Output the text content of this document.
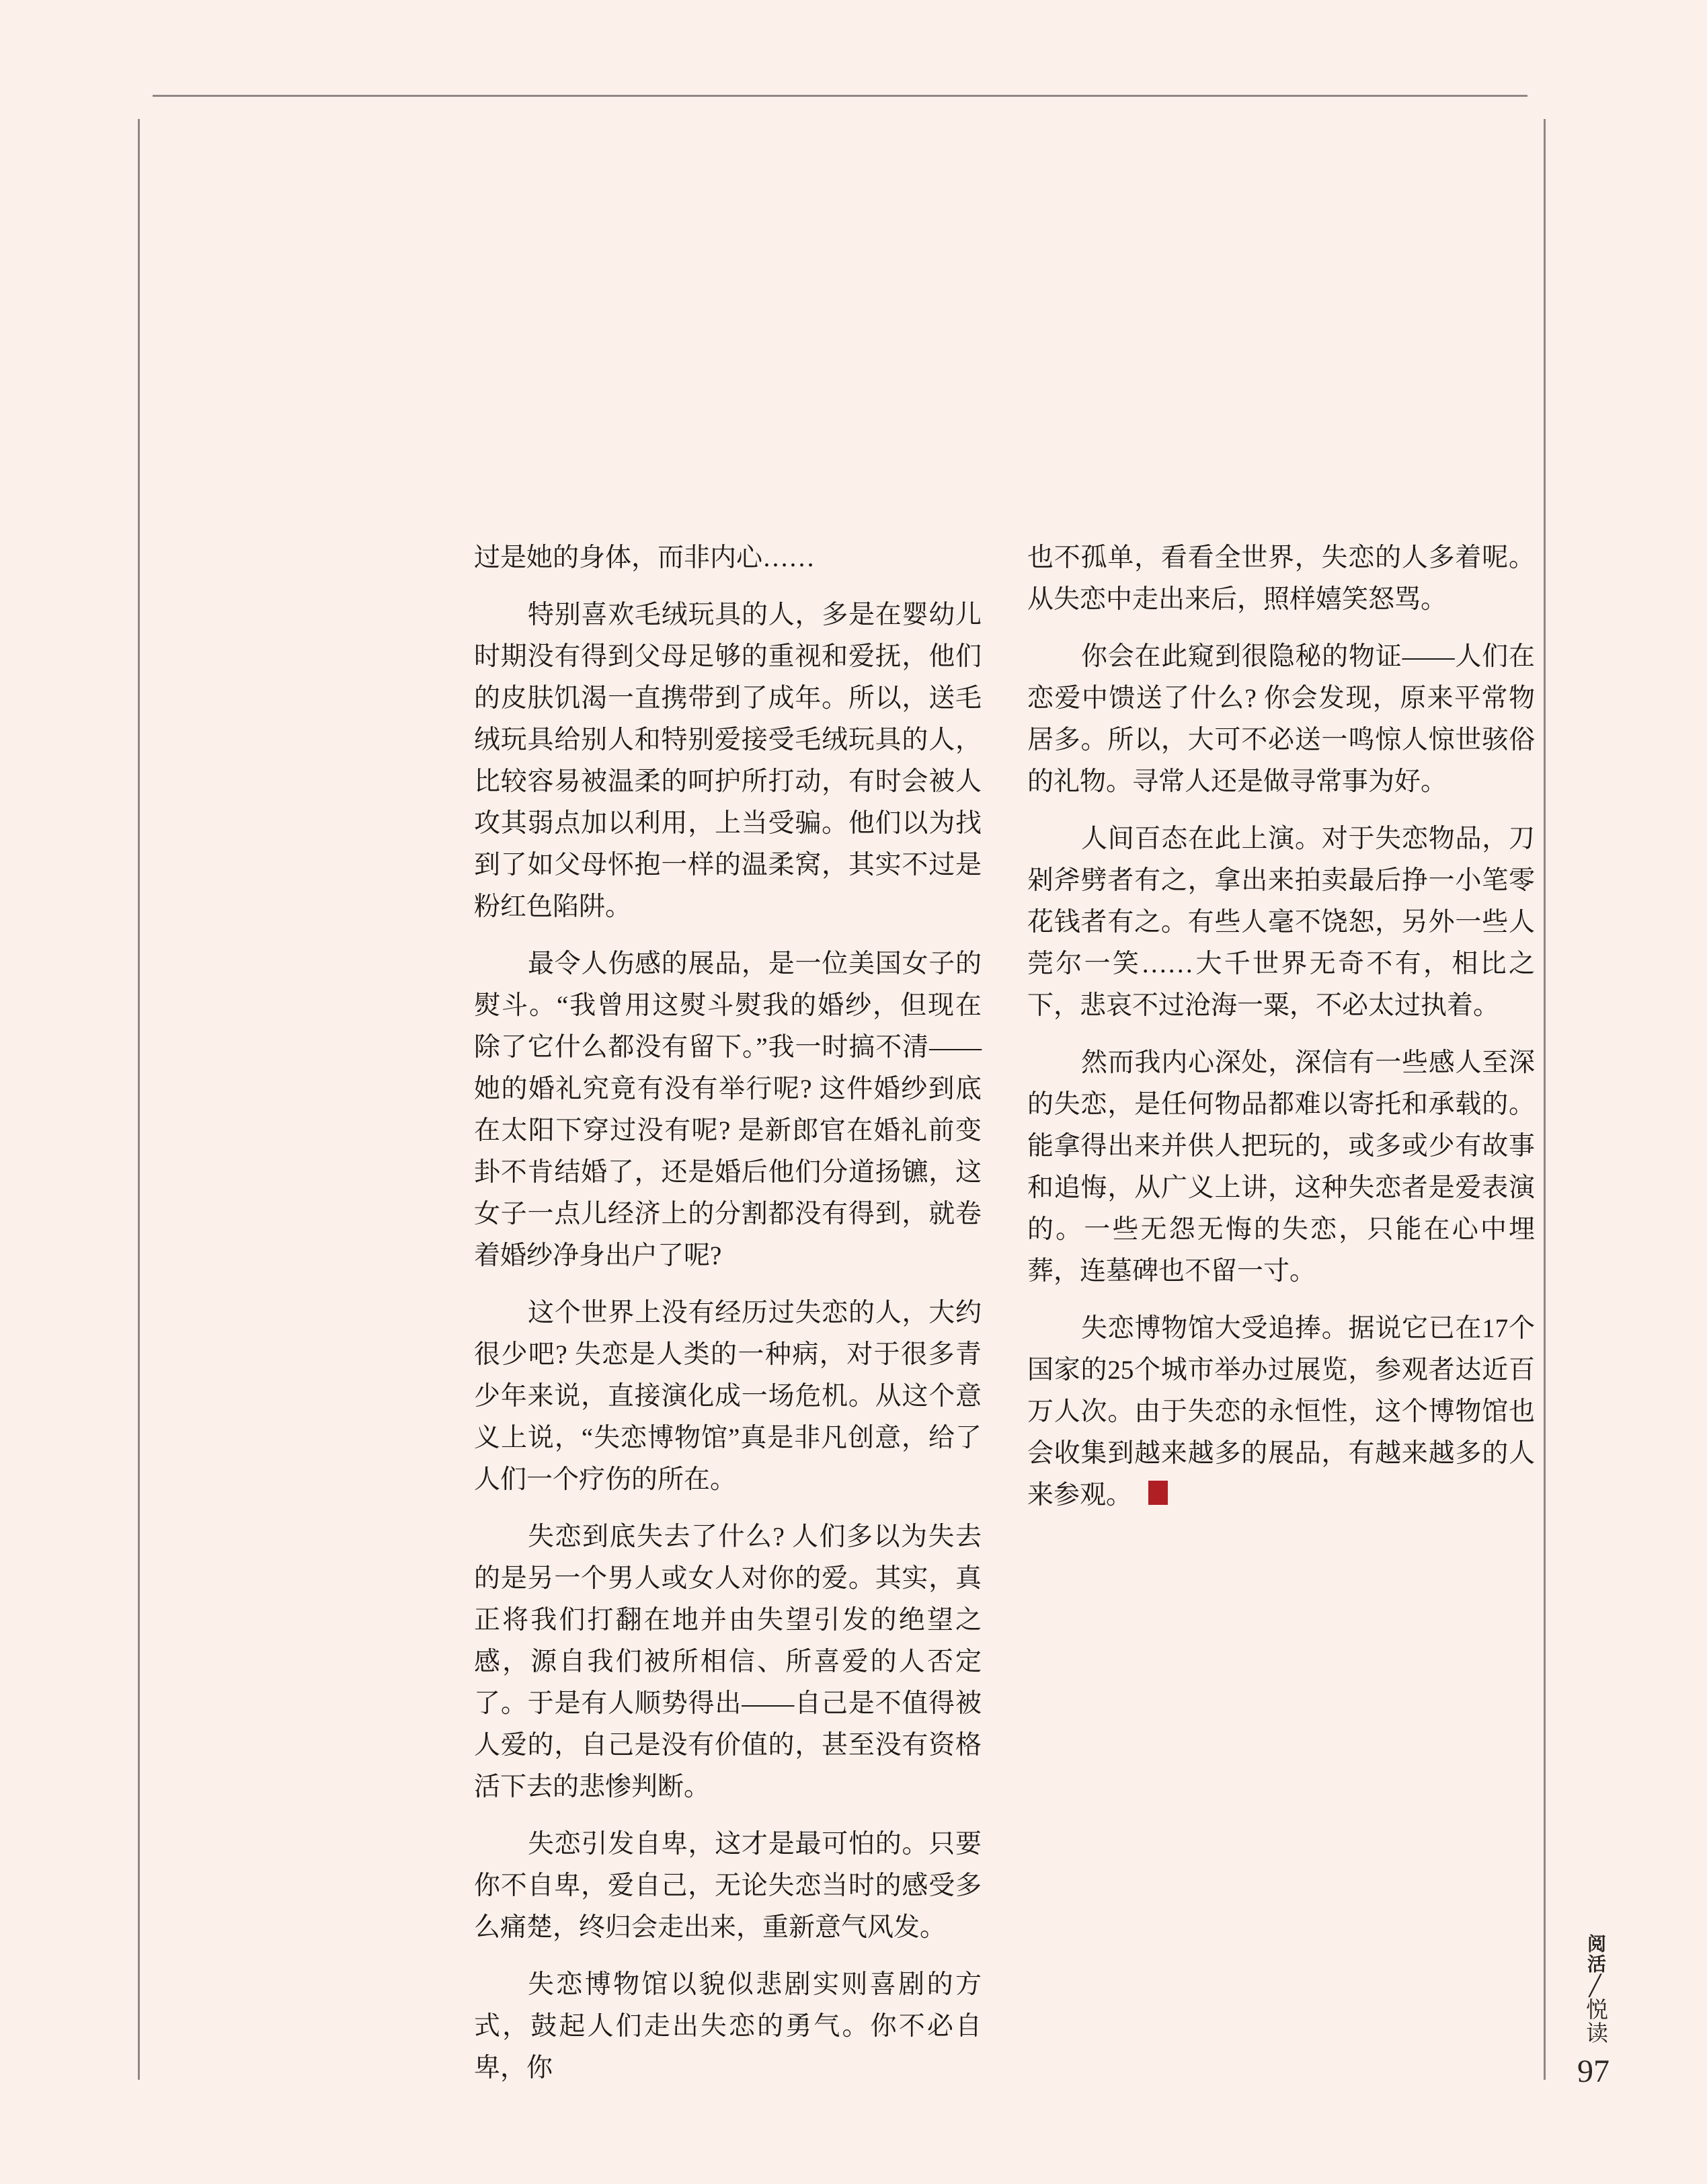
过是她的身体，而非内心……

特别喜欢毛绒玩具的人，多是在婴幼儿时期没有得到父母足够的重视和爱抚，他们的皮肤饥渴一直携带到了成年。所以，送毛绒玩具给别人和特别爱接受毛绒玩具的人，比较容易被温柔的呵护所打动，有时会被人攻其弱点加以利用，上当受骗。他们以为找到了如父母怀抱一样的温柔窝，其实不过是粉红色陷阱。

最令人伤感的展品，是一位美国女子的熨斗。“我曾用这熨斗熨我的婚纱，但现在除了它什么都没有留下。”我一时搞不清——她的婚礼究竟有没有举行呢? 这件婚纱到底在太阳下穿过没有呢? 是新郎官在婚礼前变卦不肯结婚了，还是婚后他们分道扬镳，这女子一点儿经济上的分割都没有得到，就卷着婚纱净身出户了呢?

这个世界上没有经历过失恋的人，大约很少吧? 失恋是人类的一种病，对于很多青少年来说，直接演化成一场危机。从这个意义上说，“失恋博物馆”真是非凡创意，给了人们一个疗伤的所在。

失恋到底失去了什么? 人们多以为失去的是另一个男人或女人对你的爱。其实，真正将我们打翻在地并由失望引发的绝望之感，源自我们被所相信、所喜爱的人否定了。于是有人顺势得出——自己是不值得被人爱的，自己是没有价值的，甚至没有资格活下去的悲惨判断。

失恋引发自卑，这才是最可怕的。只要你不自卑，爱自己，无论失恋当时的感受多么痛楚，终归会走出来，重新意气风发。

失恋博物馆以貌似悲剧实则喜剧的方式，鼓起人们走出失恋的勇气。你不必自卑，你

也不孤单，看看全世界，失恋的人多着呢。从失恋中走出来后，照样嬉笑怒骂。

你会在此窥到很隐秘的物证——人们在恋爱中馈送了什么? 你会发现，原来平常物居多。所以，大可不必送一鸣惊人惊世骇俗的礼物。寻常人还是做寻常事为好。

人间百态在此上演。对于失恋物品，刀剁斧劈者有之，拿出来拍卖最后挣一小笔零花钱者有之。有些人毫不饶恕，另外一些人莞尔一笑……大千世界无奇不有，相比之下，悲哀不过沧海一粟，不必太过执着。

然而我内心深处，深信有一些感人至深的失恋，是任何物品都难以寄托和承载的。能拿得出来并供人把玩的，或多或少有故事和追悔，从广义上讲，这种失恋者是爱表演的。一些无怨无悔的失恋，只能在心中埋葬，连墓碑也不留一寸。

失恋博物馆大受追捧。据说它已在17个国家的25个城市举办过展览，参观者达近百万人次。由于失恋的永恒性，这个博物馆也会收集到越来越多的展品，有越来越多的人来参观。

阅活╱悦读
97
